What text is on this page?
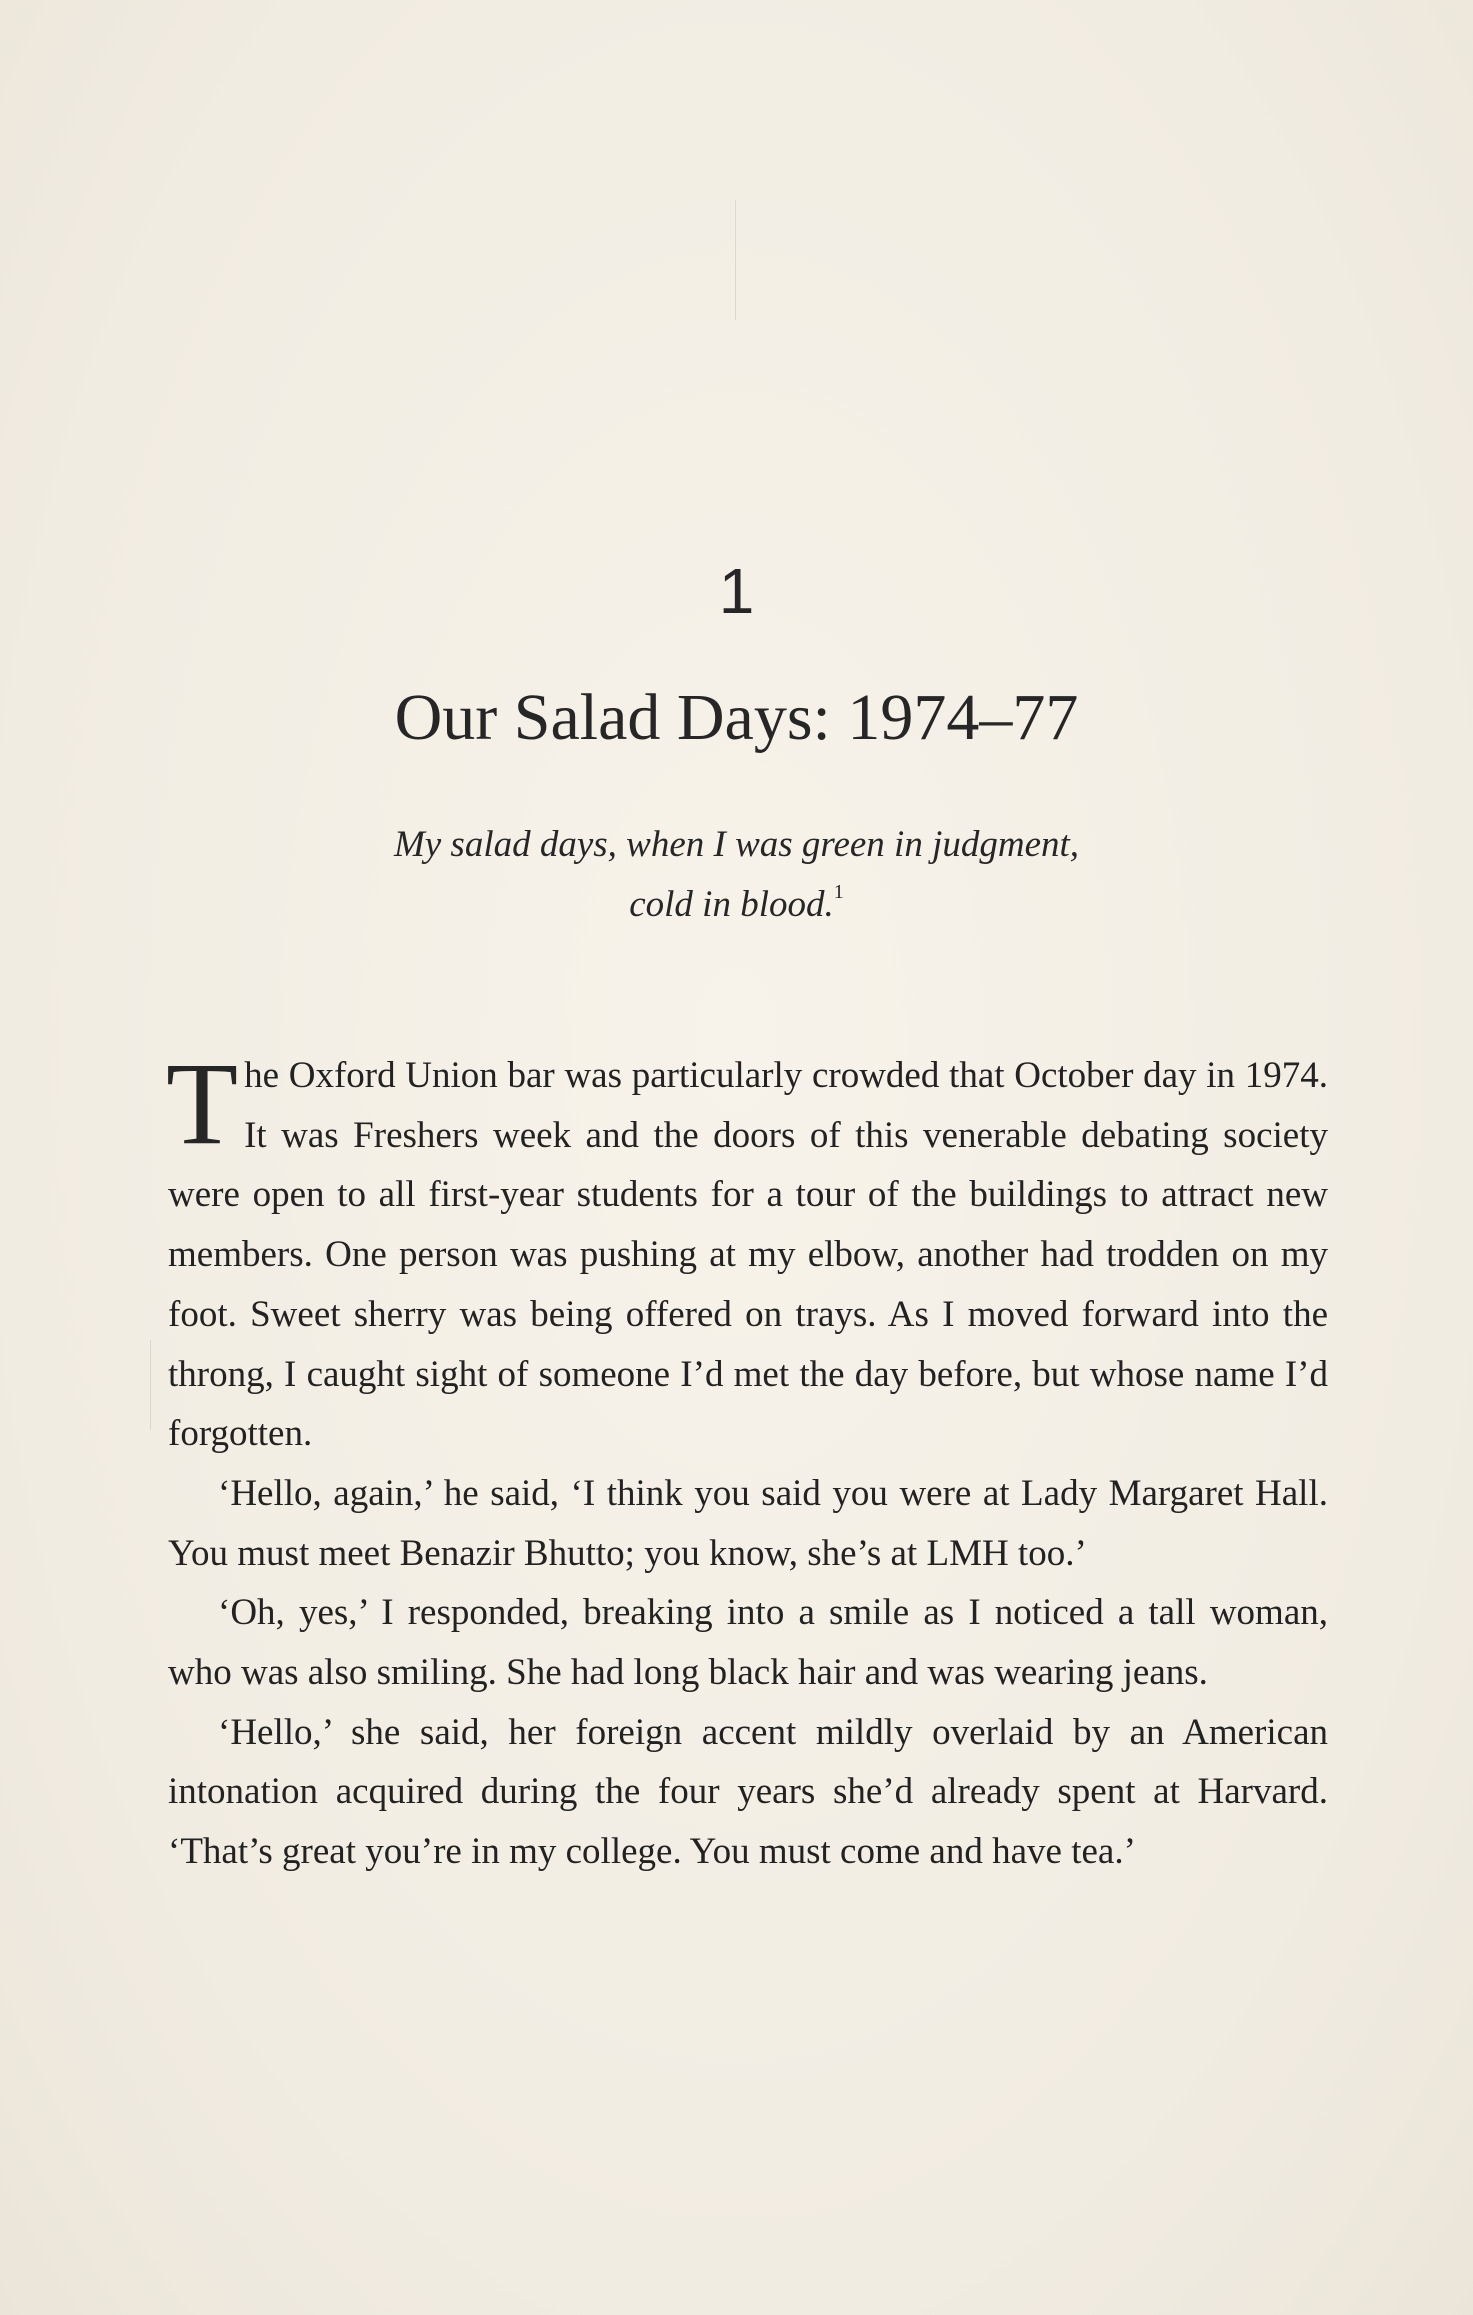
1
Our Salad Days: 1974–77
My salad days, when I was green in judgment,
cold in blood.$^1$

The Oxford Union bar was particularly crowded that October day in 1974. It was Freshers week and the doors of this venerable debating society were open to all first-year students for a tour of the buildings to attract new members. One person was pushing at my elbow, another had trodden on my foot. Sweet sherry was being offered on trays. As I moved forward into the throng, I caught sight of someone I’d met the day before, but whose name I’d forgotten.

‘Hello, again,’ he said, ‘I think you said you were at Lady Margaret Hall. You must meet Benazir Bhutto; you know, she’s at LMH too.’

‘Oh, yes,’ I responded, breaking into a smile as I noticed a tall woman, who was also smiling. She had long black hair and was wearing jeans.

‘Hello,’ she said, her foreign accent mildly overlaid by an American intonation acquired during the four years she’d already spent at Harvard. ‘That’s great you’re in my college. You must come and have tea.’
